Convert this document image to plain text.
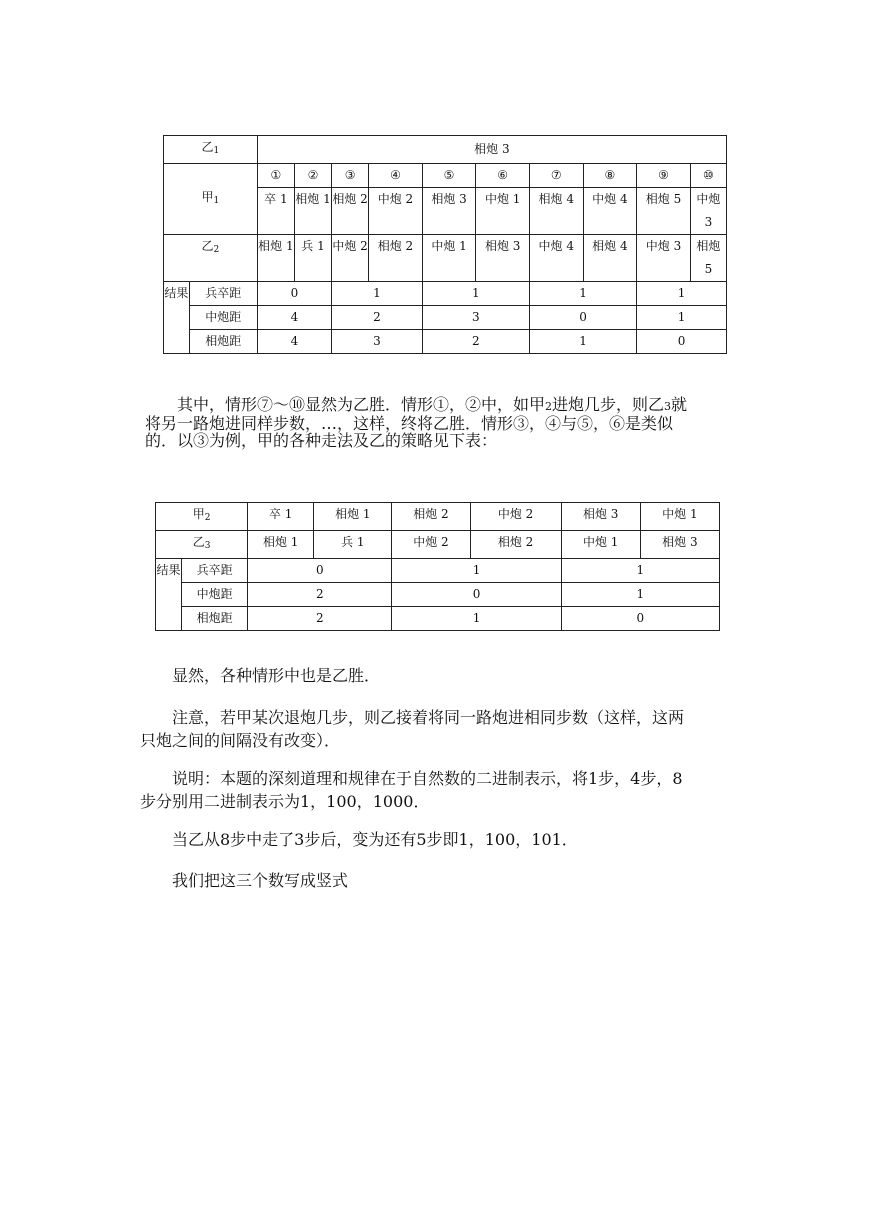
乙$_1$		相炮 3									
甲$_1$		①	②	③	④	⑤	⑥	⑦	⑧	⑨	⑩
		卒 1	相炮 1	相炮 2	中炮 2	相炮 3	中炮 1	相炮 4	中炮 4	相炮 5	中炮 3
乙$_2$		相炮 1	兵 1	中炮 2	相炮 2	中炮 1	相炮 3	中炮 4	相炮 4	中炮 3	相炮 5
结果	兵卒距	0		1		1		1		1	
	中炮距	4		2		3		0		1	
	相炮距	4		3		2		1		0	
其中，情形⑦～⑩显然为乙胜．情形①，②中，如甲2进炮几步，则乙3就
将另一路炮进同样步数，…，这样，终将乙胜．情形③，④与⑤，⑥是类似
的．以③为例，甲的各种走法及乙的策略见下表：
甲$_2$		卒 1	相炮 1	相炮 2	中炮 2	相炮 3	中炮 1
乙$_3$		相炮 1	兵 1	中炮 2	相炮 2	中炮 1	相炮 3
结果	兵卒距	0		1		1	
	中炮距	2		0		1	
	相炮距	2		1		0	
显然，各种情形中也是乙胜．
注意，若甲某次退炮几步，则乙接着将同一路炮进相同步数（这样，这两
只炮之间的间隔没有改变）．
说明：本题的深刻道理和规律在于自然数的二进制表示，将1步，4步，8
步分别用二进制表示为1，100，1000．
当乙从8步中走了3步后，变为还有5步即1，100，101．
我们把这三个数写成竖式
